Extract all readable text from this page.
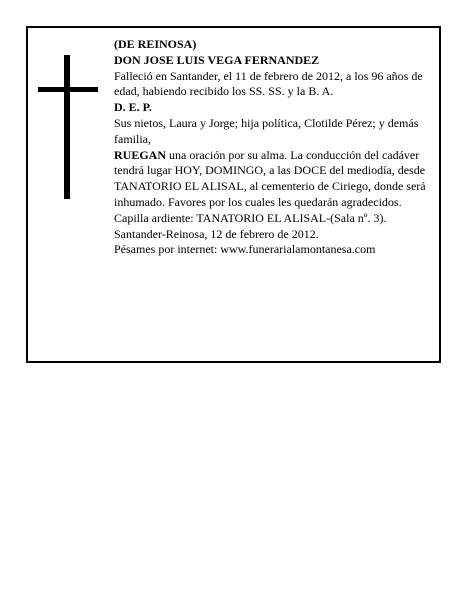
(DE REINOSA)

DON JOSE LUIS VEGA FERNANDEZ

Falleció en Santander, el 11 de febrero de 2012, a los 96 años de edad, habiendo recibido los SS. SS. y la B. A.

D. E. P.

Sus nietos, Laura y Jorge; hija política, Clotilde Pérez; y demás familia,

RUEGAN una oración por su alma. La conducción del cadáver tendrá lugar HOY, DOMINGO, a las DOCE del mediodía, desde TANATORIO EL ALISAL, al cementerio de Ciriego, donde será inhumado. Favores por los cuales les quedarán agradecidos. Capilla ardiente: TANATORIO EL ALISAL-(Sala nº. 3).

Santander-Reinosa, 12 de febrero de 2012.

Pésames por internet: www.funerarialamontanesa.com
